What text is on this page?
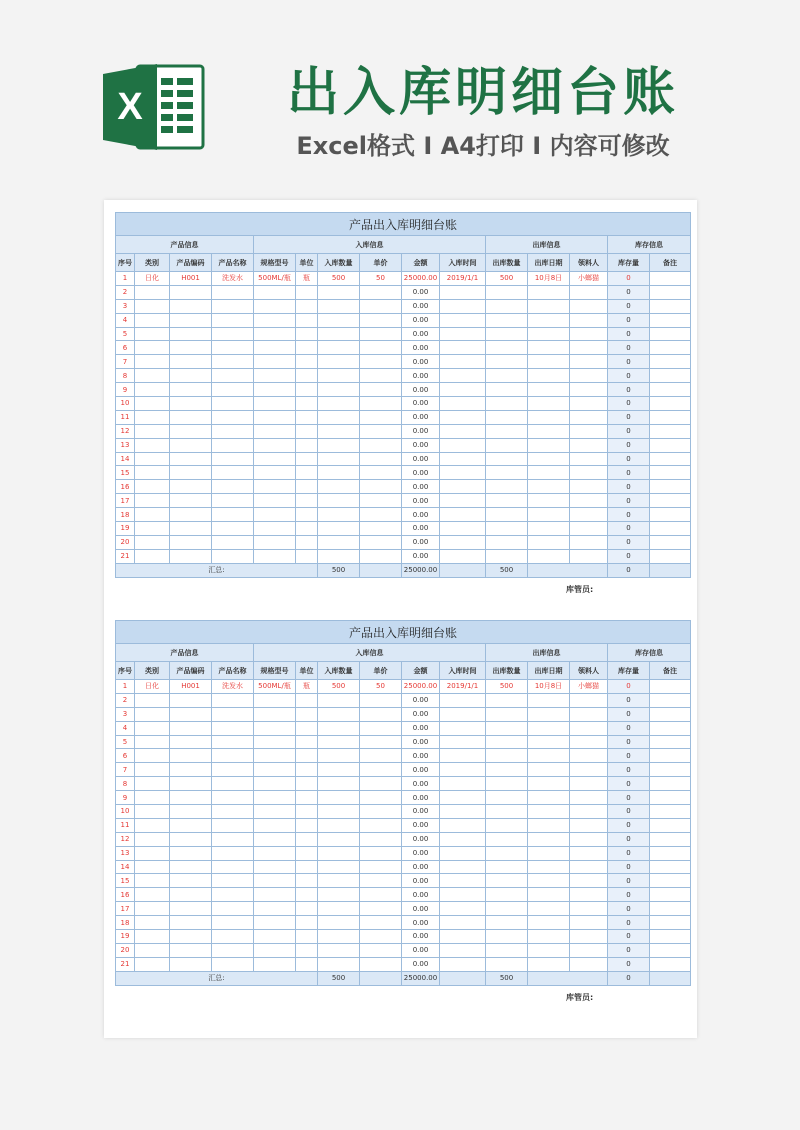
X	出入库明细台账
Excel格式 I A4打印 I 内容可修改
产品出入库明细台账														
产品信息				入库信息						出库信息			库存信息	
序号	类别	产品编码	产品名称	规格型号	单位	入库数量	单价	金额	入库时间	出库数量	出库日期	领料人	库存量	备注
1	日化	H001	洗发水	500ML/瓶	瓶	500	50	25000.00	2019/1/1	500	10月8日	小螂猫	0	
2								0.00					0	
3								0.00					0	
4								0.00					0	
5								0.00					0	
6								0.00					0	
7								0.00					0	
8								0.00					0	
9								0.00					0	
10								0.00					0	
11								0.00					0	
12								0.00					0	
13								0.00					0	
14								0.00					0	
15								0.00					0	
16								0.00					0	
17								0.00					0	
18								0.00					0	
19								0.00					0	
20								0.00					0	
21								0.00					0	
汇总:						500		25000.00		500			0	
库管员:
产品出入库明细台账														
产品信息				入库信息						出库信息			库存信息	
序号	类别	产品编码	产品名称	规格型号	单位	入库数量	单价	金额	入库时间	出库数量	出库日期	领料人	库存量	备注
1	日化	H001	洗发水	500ML/瓶	瓶	500	50	25000.00	2019/1/1	500	10月8日	小螂猫	0	
2								0.00					0	
3								0.00					0	
4								0.00					0	
5								0.00					0	
6								0.00					0	
7								0.00					0	
8								0.00					0	
9								0.00					0	
10								0.00					0	
11								0.00					0	
12								0.00					0	
13								0.00					0	
14								0.00					0	
15								0.00					0	
16								0.00					0	
17								0.00					0	
18								0.00					0	
19								0.00					0	
20								0.00					0	
21								0.00					0	
汇总:						500		25000.00		500			0	
库管员:
